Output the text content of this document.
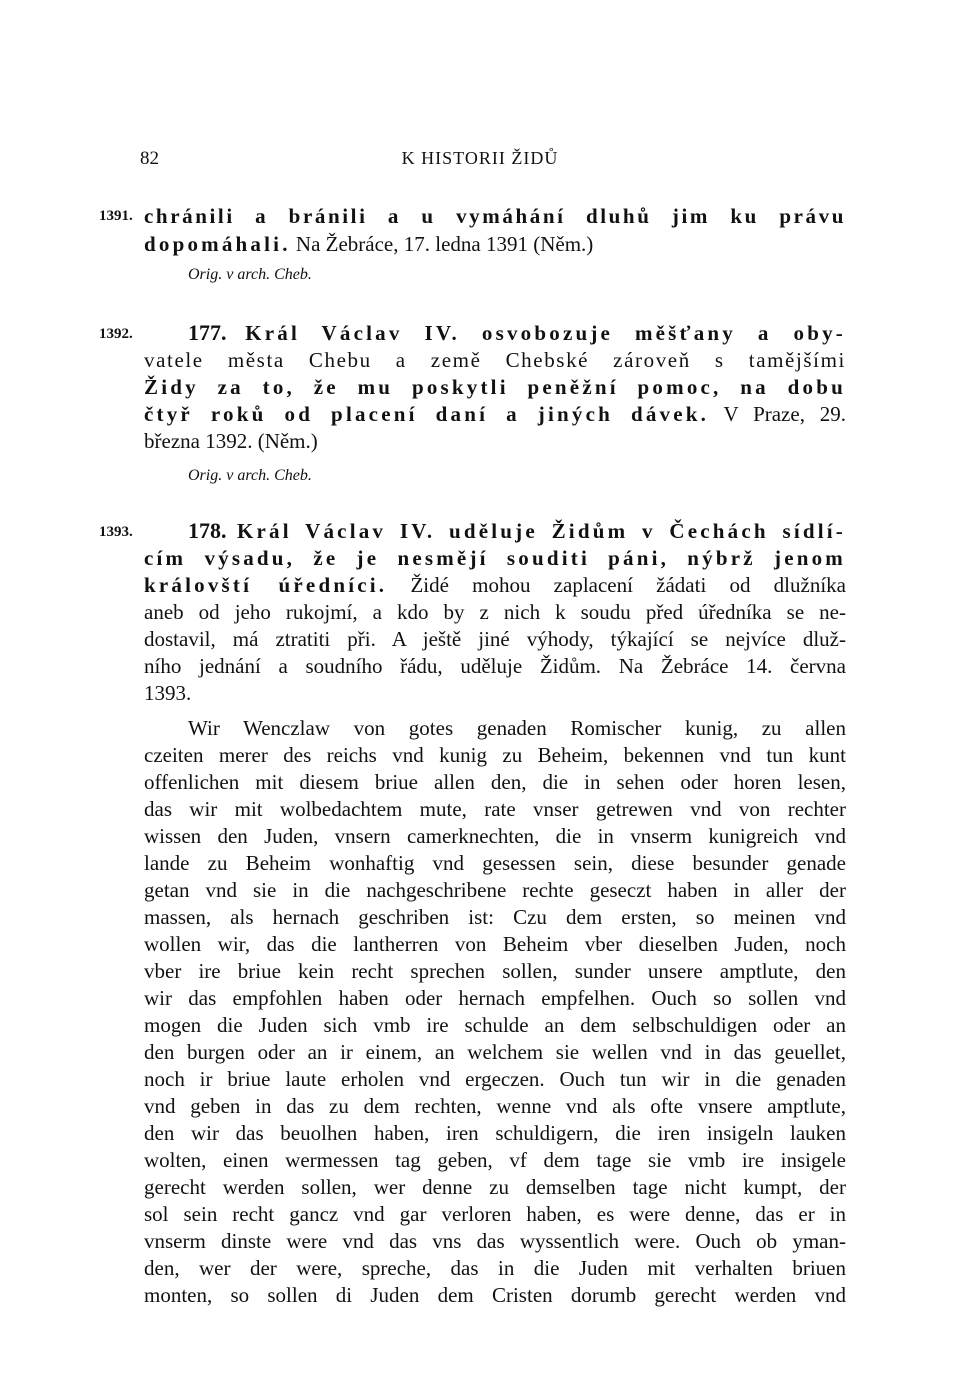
82	K HISTORII ŽIDŮ
1391. chránili a bránili a u vymáhání dluhů jim ku právu
dopomáhali. Na Žebráce, 17. ledna 1391 (Něm.)
Orig. v arch. Cheb.
1392.	177. Král Václav IV. osvobozuje měšťany a oby-
vatele města Chebu a země Chebské zároveň s tamějšími
Židy za to, že mu poskytli peněžní pomoc, na dobu
čtyř roků od placení daní a jiných dávek. V Praze, 29.
března 1392. (Něm.)
Orig. v arch. Cheb.
1393.	178. Král Václav IV. uděluje Židům v Čechách sídlí-
cím výsadu, že je nesmějí souditi páni, nýbrž jenom
královští úředníci. Židé mohou zaplacení žádati od dlužníka
aneb od jeho rukojmí, a kdo by z nich k soudu před úředníka se ne-
dostavil, má ztratiti při. A ještě jiné výhody, týkající se nejvíce dluž-
ního jednání a soudního řádu, uděluje Židům. Na Žebráce 14. června
1393.
Wir Wenczlaw von gotes genaden Romischer kunig, zu allen
czeiten merer des reichs vnd kunig zu Beheim, bekennen vnd tun kunt
offenlichen mit diesem briue allen den, die in sehen oder horen lesen,
das wir mit wolbedachtem mute, rate vnser getrewen vnd von rechter
wissen den Juden, vnsern camerknechten, die in vnserm kunigreich vnd
lande zu Beheim wonhaftig vnd gesessen sein, diese besunder genade
getan vnd sie in die nachgeschribene rechte geseczt haben in aller der
massen, als hernach geschriben ist: Czu dem ersten, so meinen vnd
wollen wir, das die lantherren von Beheim vber dieselben Juden, noch
vber ire briue kein recht sprechen sollen, sunder unsere amptlute, den
wir das empfohlen haben oder hernach empfelhen. Ouch so sollen vnd
mogen die Juden sich vmb ire schulde an dem selbschuldigen oder an
den burgen oder an ir einem, an welchem sie wellen vnd in das geuellet,
noch ir briue laute erholen vnd ergeczen. Ouch tun wir in die genaden
vnd geben in das zu dem rechten, wenne vnd als ofte vnsere amptlute,
den wir das beuolhen haben, iren schuldigern, die iren insigeln lauken
wolten, einen wermessen tag geben, vf dem tage sie vmb ire insigele
gerecht werden sollen, wer denne zu demselben tage nicht kumpt, der
sol sein recht gancz vnd gar verloren haben, es were denne, das er in
vnserm dinste were vnd das vns das wyssentlich were. Ouch ob yman-
den, wer der were, spreche, das in die Juden mit verhalten briuen
monten, so sollen di Juden dem Cristen dorumb gerecht werden vnd
